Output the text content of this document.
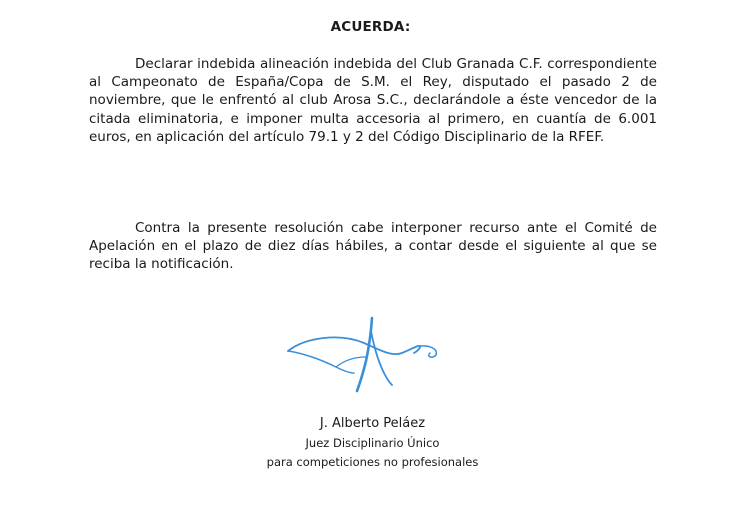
ACUERDA:

Declarar indebida alineación indebida del Club Granada C.F. correspondiente al Campeonato de España/Copa de S.M. el Rey, disputado el pasado 2 de noviembre, que le enfrentó al club Arosa S.C., declarándole a éste vencedor de la citada eliminatoria, e imponer multa accesoria al primero, en cuantía de 6.001 euros, en aplicación del artículo 79.1 y 2 del Código Disciplinario de la RFEF.

Contra la presente resolución cabe interponer recurso ante el Comité de Apelación en el plazo de diez días hábiles, a contar desde el siguiente al que se reciba la notificación.

J. Alberto Peláez
Juez Disciplinario Único
para competiciones no profesionales
